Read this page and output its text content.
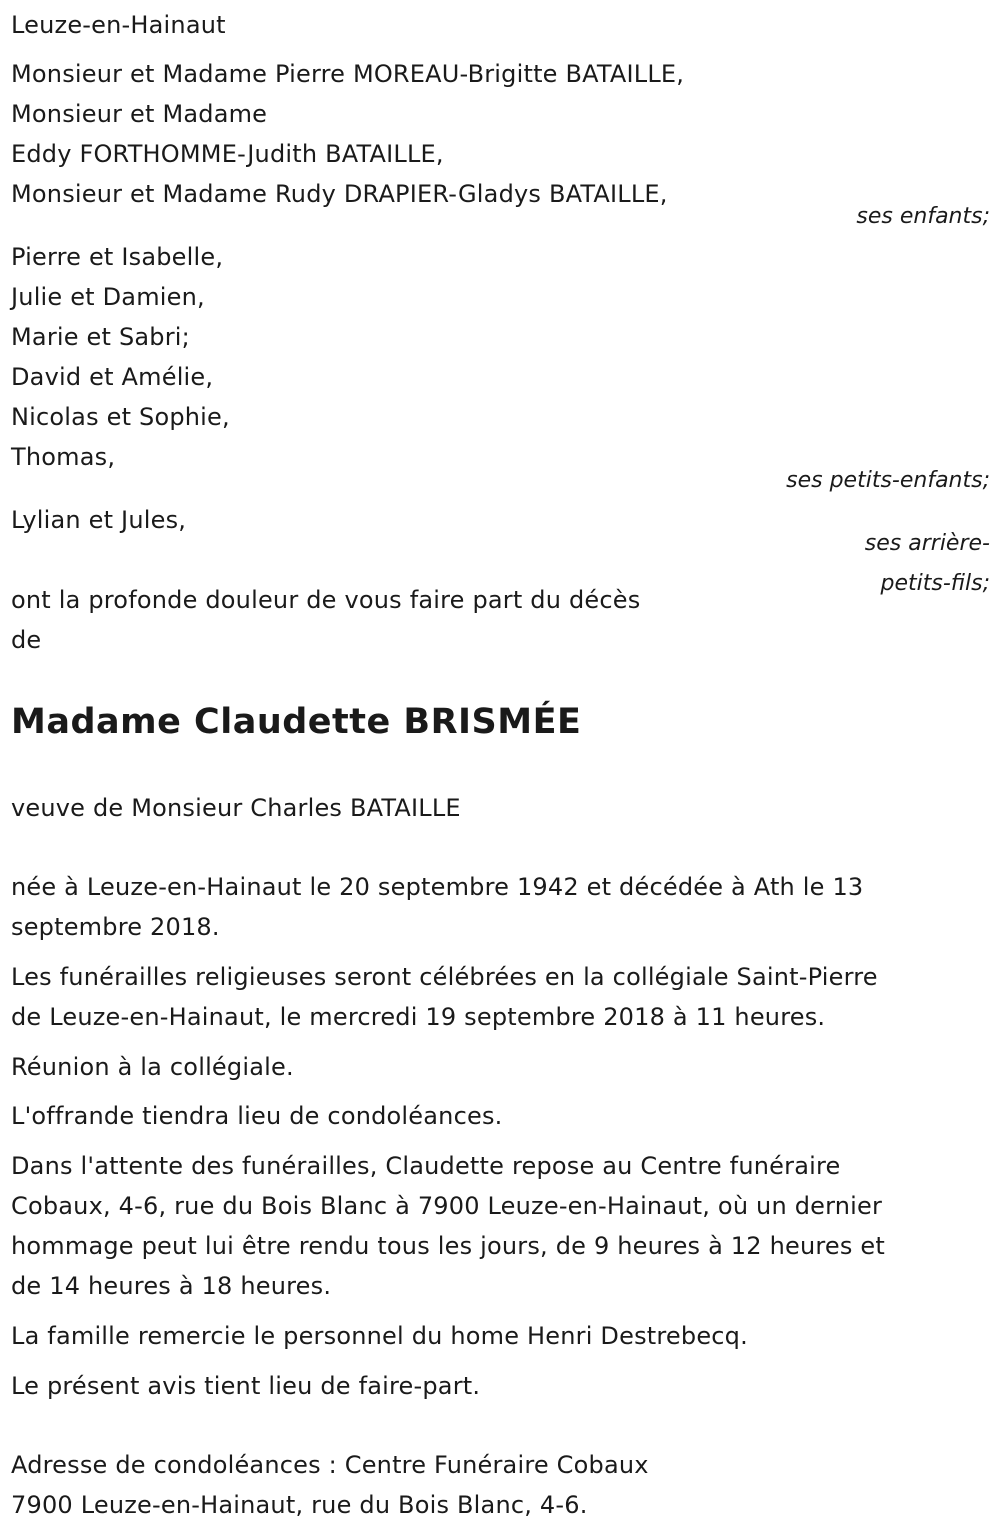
Leuze-en-Hainaut
Monsieur et Madame Pierre MOREAU-Brigitte BATAILLE,
Monsieur et Madame
Eddy FORTHOMME-Judith BATAILLE,
Monsieur et Madame Rudy DRAPIER-Gladys BATAILLE,
ses enfants;
Pierre et Isabelle,
Julie et Damien,
Marie et Sabri;
David et Amélie,
Nicolas et Sophie,
Thomas,
ses petits-enfants;
Lylian et Jules,
ses arrière-
petits-fils;
ont la profonde douleur de vous faire part du décès
de
Madame Claudette BRISMÉE
veuve de Monsieur Charles BATAILLE
née à Leuze-en-Hainaut le 20 septembre 1942 et décédée à Ath le 13
septembre 2018.
Les funérailles religieuses seront célébrées en la collégiale Saint-Pierre
de Leuze-en-Hainaut, le mercredi 19 septembre 2018 à 11 heures.
Réunion à la collégiale.
L'offrande tiendra lieu de condoléances.
Dans l'attente des funérailles, Claudette repose au Centre funéraire
Cobaux, 4-6, rue du Bois Blanc à 7900 Leuze-en-Hainaut, où un dernier
hommage peut lui être rendu tous les jours, de 9 heures à 12 heures et
de 14 heures à 18 heures.
La famille remercie le personnel du home Henri Destrebecq.
Le présent avis tient lieu de faire-part.
Adresse de condoléances : Centre Funéraire Cobaux
7900 Leuze-en-Hainaut, rue du Bois Blanc, 4-6.
